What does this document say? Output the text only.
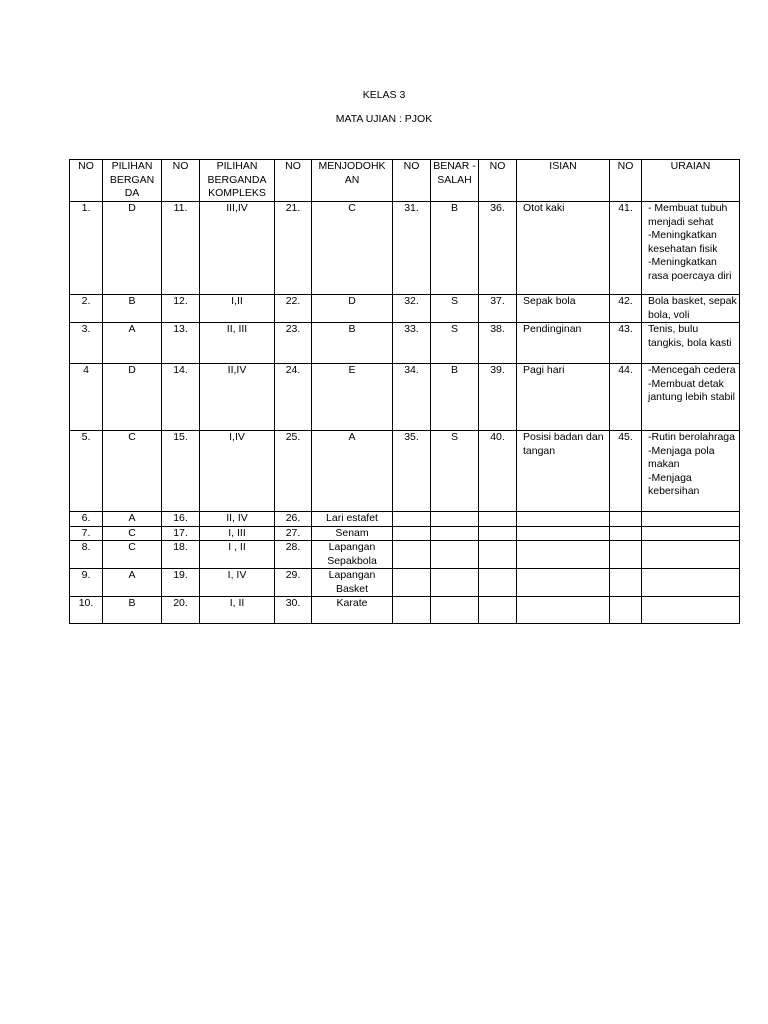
KELAS 3
MATA UJIAN : PJOK
NO	PILIHAN BERGAN DA	NO	PILIHAN BERGANDA KOMPLEKS	NO	MENJODOHK AN	NO	BENAR -SALAH	NO	ISIAN	NO	URAIAN
1.	D	11.	III,IV	21.	C	31.	B	36.	Otot kaki	41.	- Membuat tubuh menjadi sehat
-Meningkatkan kesehatan fisik
-Meningkatkan rasa poercaya diri
2.	B	12.	I,II	22.	D	32.	S	37.	Sepak bola	42.	Bola basket, sepak bola, voli
3.	A	13.	II, III	23.	B	33.	S	38.	Pendinginan	43.	Tenis, bulu tangkis, bola kasti
4	D	14.	II,IV	24.	E	34.	B	39.	Pagi hari	44.	-Mencegah cedera
-Membuat detak jantung lebih stabil
5.	C	15.	I,IV	25.	A	35.	S	40.	Posisi badan dan tangan	45.	-Rutin berolahraga
-Menjaga pola makan
-Menjaga kebersihan
6.	A	16.	II, IV	26.	Lari estafet						
7.	C	17.	I, III	27.	Senam						
8.	C	18.	I , II	28.	Lapangan Sepakbola						
9.	A	19.	I, IV	29.	Lapangan Basket						
10.	B	20.	I, II	30.	Karate						
